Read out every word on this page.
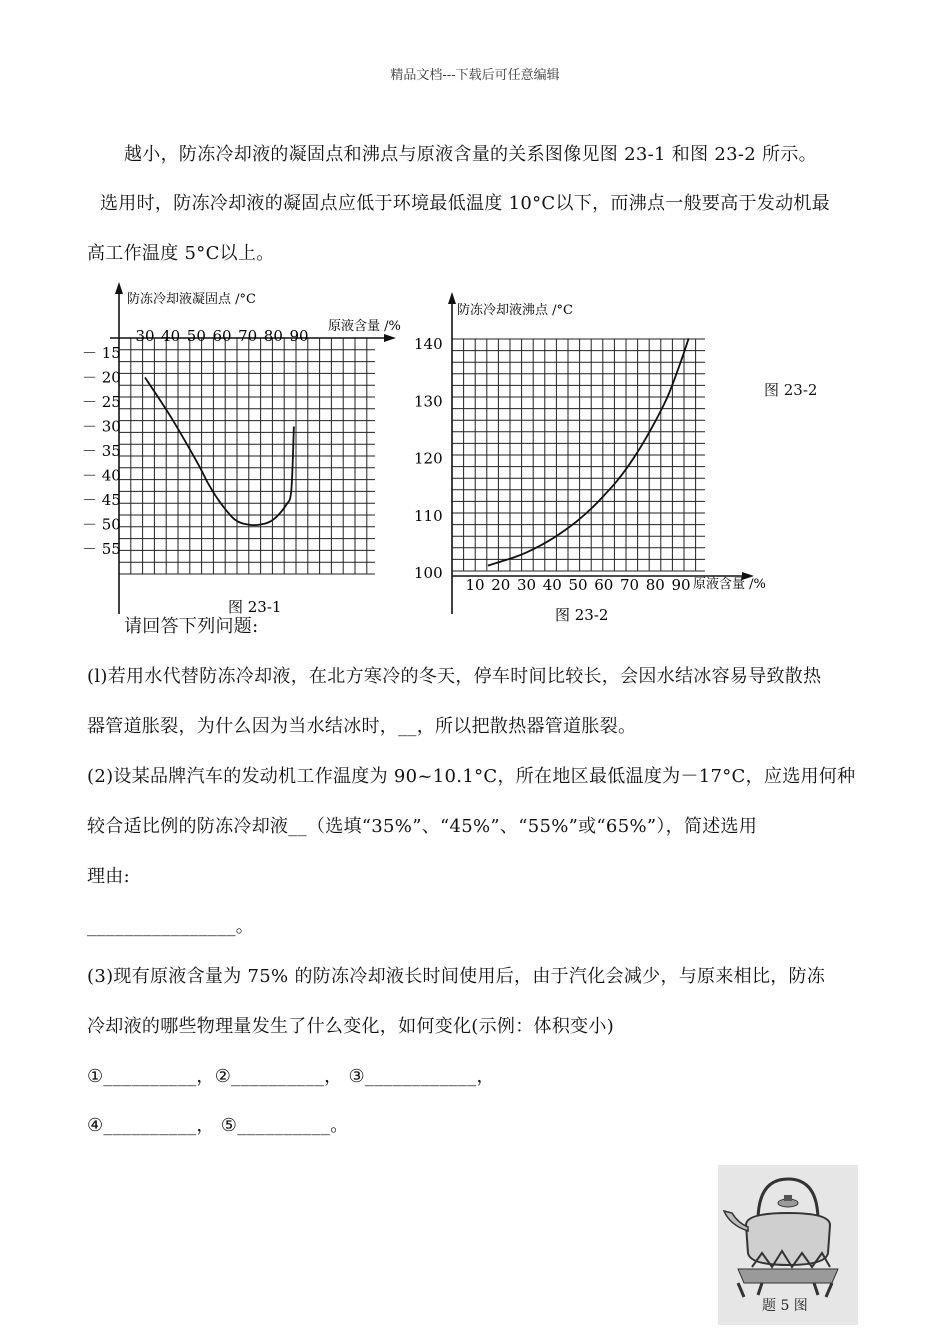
精品文档---下载后可任意编辑
越小，防冻冷却液的凝固点和沸点与原液含量的关系图像见图 23-1 和图 23-2 所示。
选用时，防冻冷却液的凝固点应低于环境最低温度 10°C以下，而沸点一般要高于发动机最
高工作温度 5°C以上。
防冻冷却液凝固点 /°C
原液含量 /%
30 40 50 60 70 80 90
－ 15
－ 20
－ 25
－ 30
－ 35
－ 40
－ 45
－ 50
－ 55
图 23-1
防冻冷却液沸点 /°C
原液含量 /%
10 20 30 40 50 60 70 80 90
100
110
120
130
140
图 23-2
图 23-2
请回答下列问题:
(l)若用水代替防冻冷却液，在北方寒冷的冬天，停车时间比较长，会因水结冰容易导致散热
器管道胀裂，为什么因为当水结冰时，__，所以把散热器管道胀裂。
(2)设某品牌汽车的发动机工作温度为 90~10.1°C，所在地区最低温度为－17°C，应选用何种
较合适比例的防冻冷却液__（选填“35%”、“45%”、“55%”或“65%”），简述选用
理由:
________________。
(3)现有原液含量为 75% 的防冻冷却液长时间使用后，由于汽化会减少，与原来相比，防冻
冷却液的哪些物理量发生了什么变化，如何变化(示例：体积变小)
①__________，②__________， ③____________，
④__________， ⑤__________。
题 5 图
